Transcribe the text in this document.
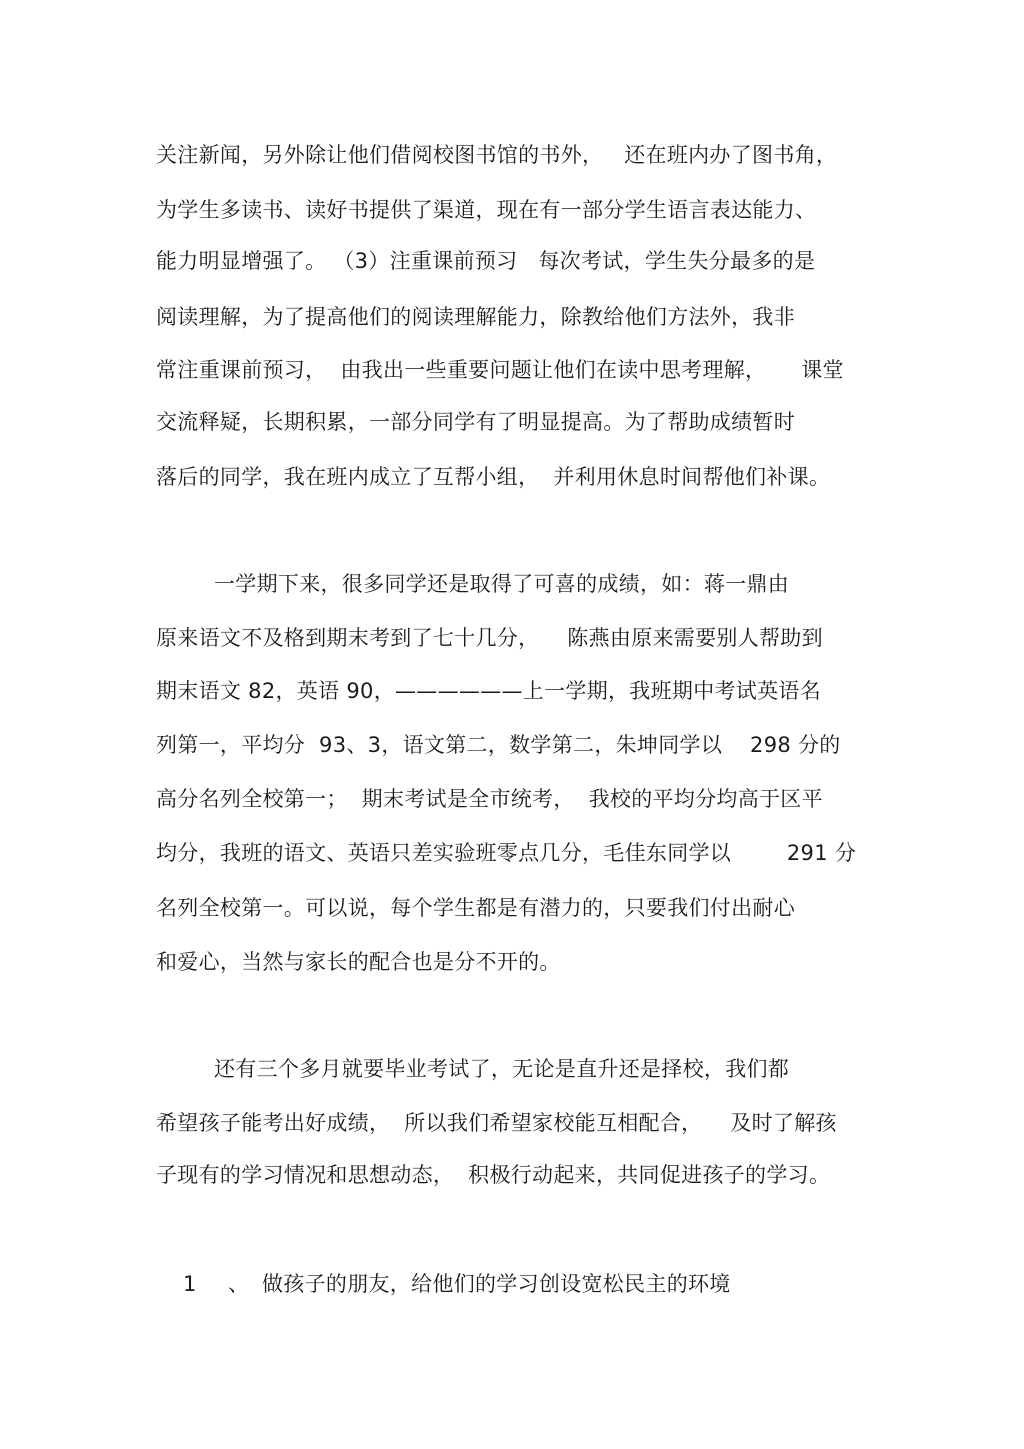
关注新闻，另外除让他们借阅校图书馆的书外，   还在班内办了图书角，
为学生多读书、读好书提供了渠道，现在有一部分学生语言表达能力、
能力明显增强了。 （3）注重课前预习   每次考试，学生失分最多的是
阅读理解，为了提高他们的阅读理解能力，除教给他们方法外，我非
常注重课前预习，  由我出一些重要问题让他们在读中思考理解，     课堂
交流释疑，长期积累，一部分同学有了明显提高。为了帮助成绩暂时
落后的同学，我在班内成立了互帮小组，  并利用休息时间帮他们补课。
一学期下来，很多同学还是取得了可喜的成绩，如：蒋一鼎由
原来语文不及格到期末考到了七十几分，    陈燕由原来需要别人帮助到
期末语文 82，英语 90，——————上一学期，我班期中考试英语名
列第一，平均分  93、3，语文第二，数学第二，朱坤同学以    298 分的
高分名列全校第一；  期末考试是全市统考，  我校的平均分均高于区平
均分，我班的语文、英语只差实验班零点几分，毛佳东同学以        291 分
名列全校第一。可以说，每个学生都是有潜力的，只要我们付出耐心
和爱心，当然与家长的配合也是分不开的。
还有三个多月就要毕业考试了，无论是直升还是择校，我们都
希望孩子能考出好成绩，  所以我们希望家校能互相配合，    及时了解孩
子现有的学习情况和思想动态，  积极行动起来，共同促进孩子的学习。
1 、 做孩子的朋友，给他们的学习创设宽松民主的环境
